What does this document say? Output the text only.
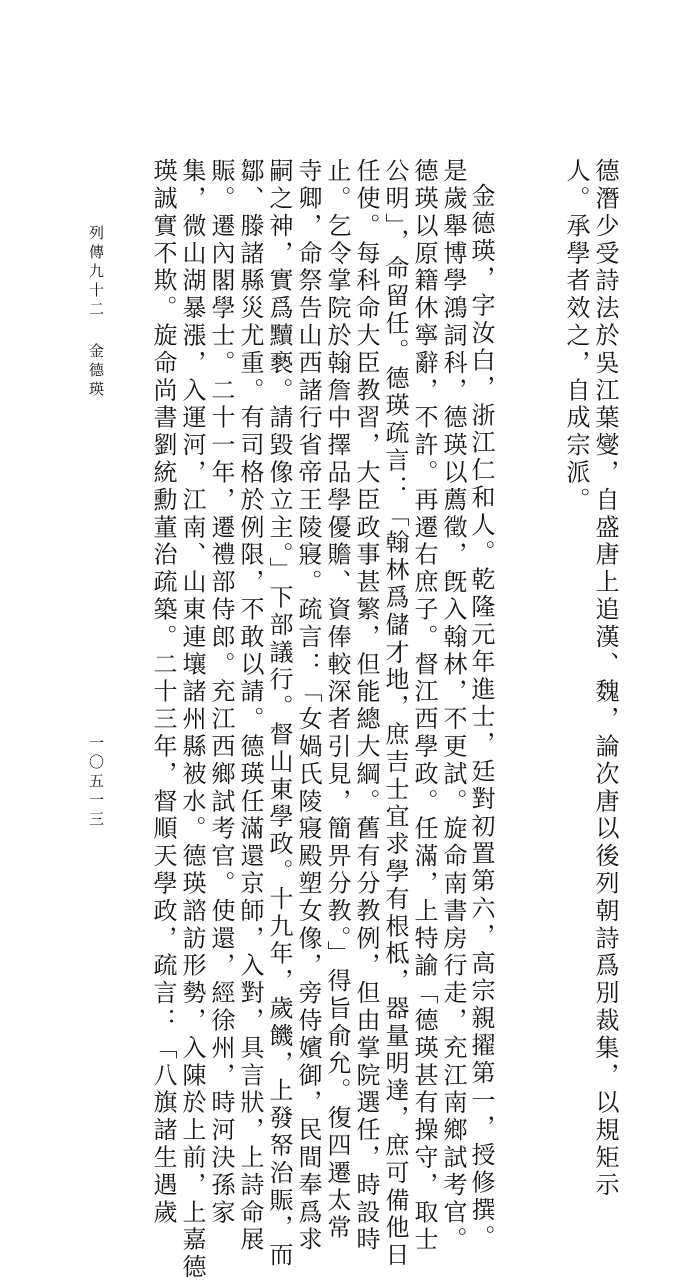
德潛少受詩法於吳江葉燮，自盛唐上追漢、魏，論次唐以後列朝詩爲別裁集，以規矩示
人。承學者效之，自成宗派。
金德瑛，字汝白，浙江仁和人。乾隆元年進士，廷對初置第六，高宗親擢第一，授修撰。
是歲舉博學鴻詞科，德瑛以薦徵，旣入翰林，不更試。旋命南書房行走，充江南鄉試考官。
德瑛以原籍休寧辭，不許。再遷右庶子。督江西學政。任滿，上特諭「德瑛甚有操守，取士
公明」，命留任。德瑛疏言：「翰林爲儲才地，庶吉士宜求學有根柢，器量明達，庶可備他日
任使。每科命大臣教習，大臣政事甚繁，但能總大綱。舊有分教例，但由掌院選任，時設時
止。乞令掌院於翰詹中擇品學優贍、資俸較深者引見，簡畀分教。」得旨俞允。復四遷太常
寺卿，命祭告山西諸行省帝王陵寢。疏言：「女媧氏陵寢殿塑女像，旁侍嬪御，民間奉爲求
嗣之神，實爲黷褻。請毀像立主。」下部議行。督山東學政。十九年，歲饑，上發帑治賑，而
鄒、滕諸縣災尤重。有司格於例限，不敢以請。德瑛任滿還京師，入對，具言狀，上詩命展
賑。遷內閣學士。二十一年，遷禮部侍郎。充江西鄉試考官。使還，經徐州，時河決孫家
集，微山湖暴漲，入運河，江南、山東連壤諸州縣被水。德瑛諮訪形勢，入陳於上前，上嘉德
瑛誠實不欺。旋命尚書劉統勳董治疏築。二十三年，督順天學政，疏言：「八旗諸生遇歲
列傳九十二
金德瑛
一〇五一三
